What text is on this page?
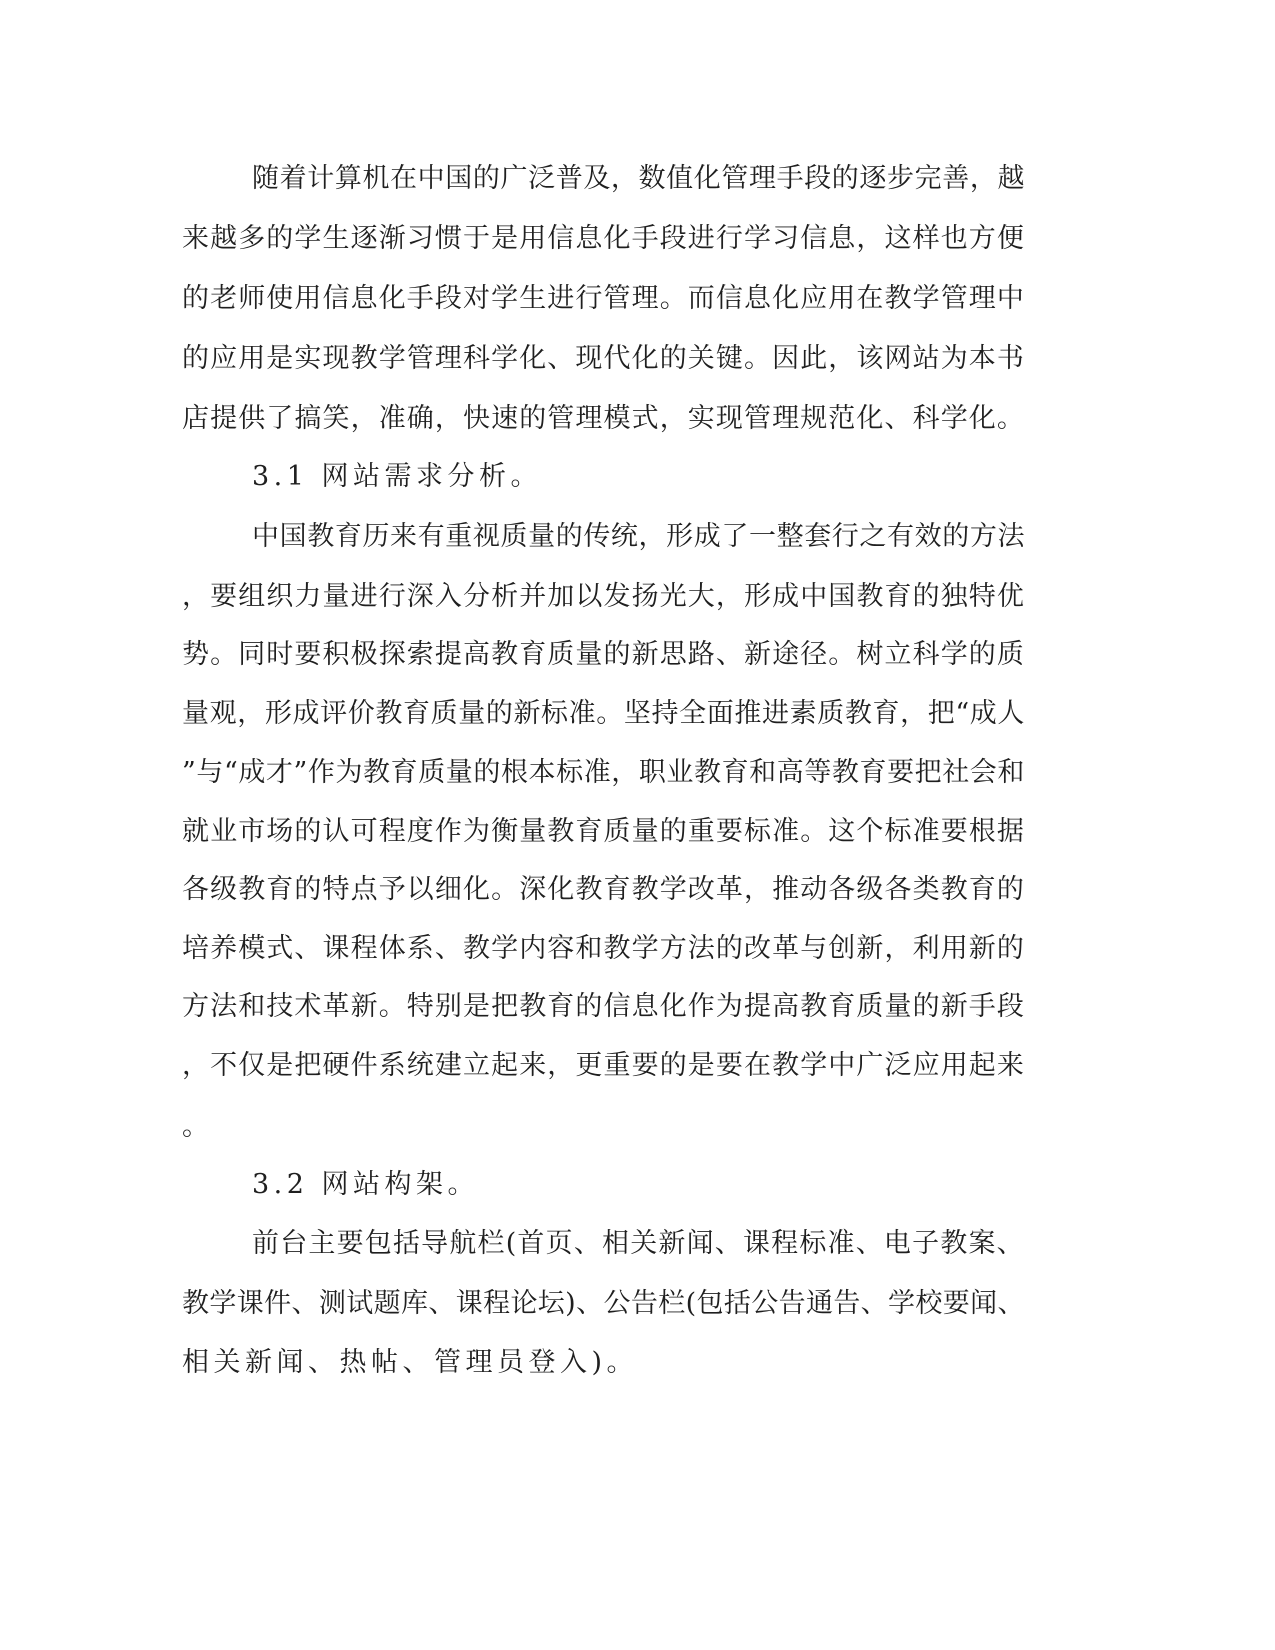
随着计算机在中国的广泛普及，数值化管理手段的逐步完善，越

来越多的学生逐渐习惯于是用信息化手段进行学习信息，这样也方便

的老师使用信息化手段对学生进行管理。而信息化应用在教学管理中

的应用是实现教学管理科学化、现代化的关键。因此，该网站为本书

店提供了搞笑，准确，快速的管理模式，实现管理规范化、科学化。

3.1 网站需求分析。

中国教育历来有重视质量的传统，形成了一整套行之有效的方法

，要组织力量进行深入分析并加以发扬光大，形成中国教育的独特优

势。同时要积极探索提高教育质量的新思路、新途径。树立科学的质

量观，形成评价教育质量的新标准。坚持全面推进素质教育，把“成人

”与“成才”作为教育质量的根本标准，职业教育和高等教育要把社会和

就业市场的认可程度作为衡量教育质量的重要标准。这个标准要根据

各级教育的特点予以细化。深化教育教学改革，推动各级各类教育的

培养模式、课程体系、教学内容和教学方法的改革与创新，利用新的

方法和技术革新。特别是把教育的信息化作为提高教育质量的新手段

，不仅是把硬件系统建立起来，更重要的是要在教学中广泛应用起来

。

3.2 网站构架。

前台主要包括导航栏(首页、相关新闻、课程标准、电子教案、

教学课件、测试题库、课程论坛)、公告栏(包括公告通告、学校要闻、

相关新闻、热帖、管理员登入)。
